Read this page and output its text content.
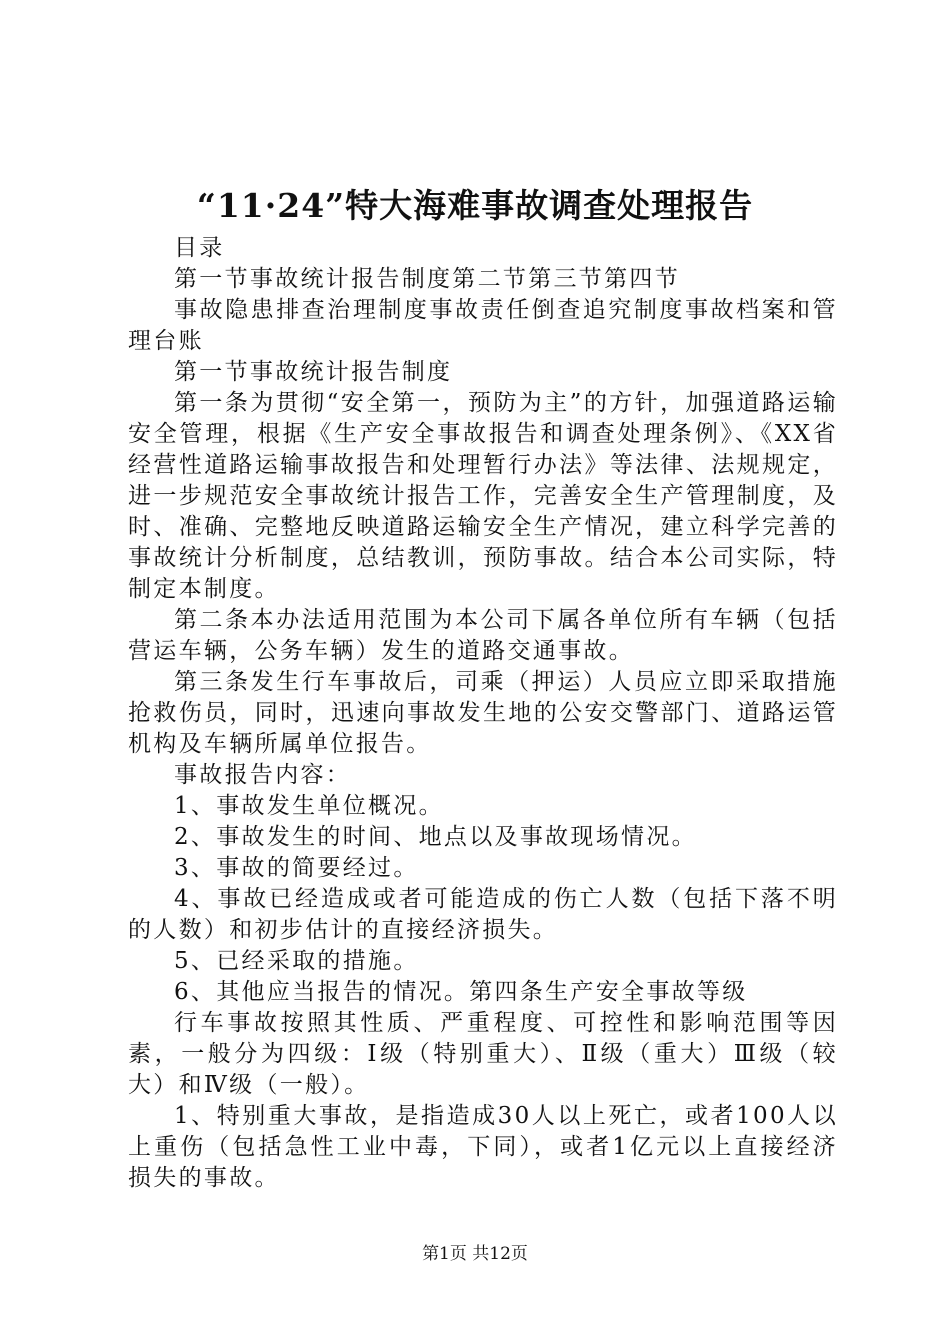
“11·24”特大海难事故调查处理报告

目录

第一节事故统计报告制度第二节第三节第四节

事故隐患排查治理制度事故责任倒查追究制度事故档案和管理台账

第一节事故统计报告制度

第一条为贯彻“安全第一，预防为主”的方针，加强道路运输安全管理，根据《生产安全事故报告和调查处理条例》、《XX省经营性道路运输事故报告和处理暂行办法》等法律、法规规定，进一步规范安全事故统计报告工作，完善安全生产管理制度，及时、准确、完整地反映道路运输安全生产情况，建立科学完善的事故统计分析制度，总结教训，预防事故。结合本公司实际，特制定本制度。

第二条本办法适用范围为本公司下属各单位所有车辆（包括营运车辆，公务车辆）发生的道路交通事故。

第三条发生行车事故后，司乘（押运）人员应立即采取措施抢救伤员，同时，迅速向事故发生地的公安交警部门、道路运管机构及车辆所属单位报告。

事故报告内容：

1、事故发生单位概况。

2、事故发生的时间、地点以及事故现场情况。

3、事故的简要经过。

4、事故已经造成或者可能造成的伤亡人数（包括下落不明的人数）和初步估计的直接经济损失。

5、已经采取的措施。

6、其他应当报告的情况。第四条生产安全事故等级

行车事故按照其性质、严重程度、可控性和影响范围等因素，一般分为四级：Ⅰ级（特别重大）、Ⅱ级（重大）Ⅲ级（较大）和Ⅳ级（一般）。

1、特别重大事故，是指造成30人以上死亡，或者100人以上重伤（包括急性工业中毒，下同），或者1亿元以上直接经济损失的事故。

第1页 共12页
